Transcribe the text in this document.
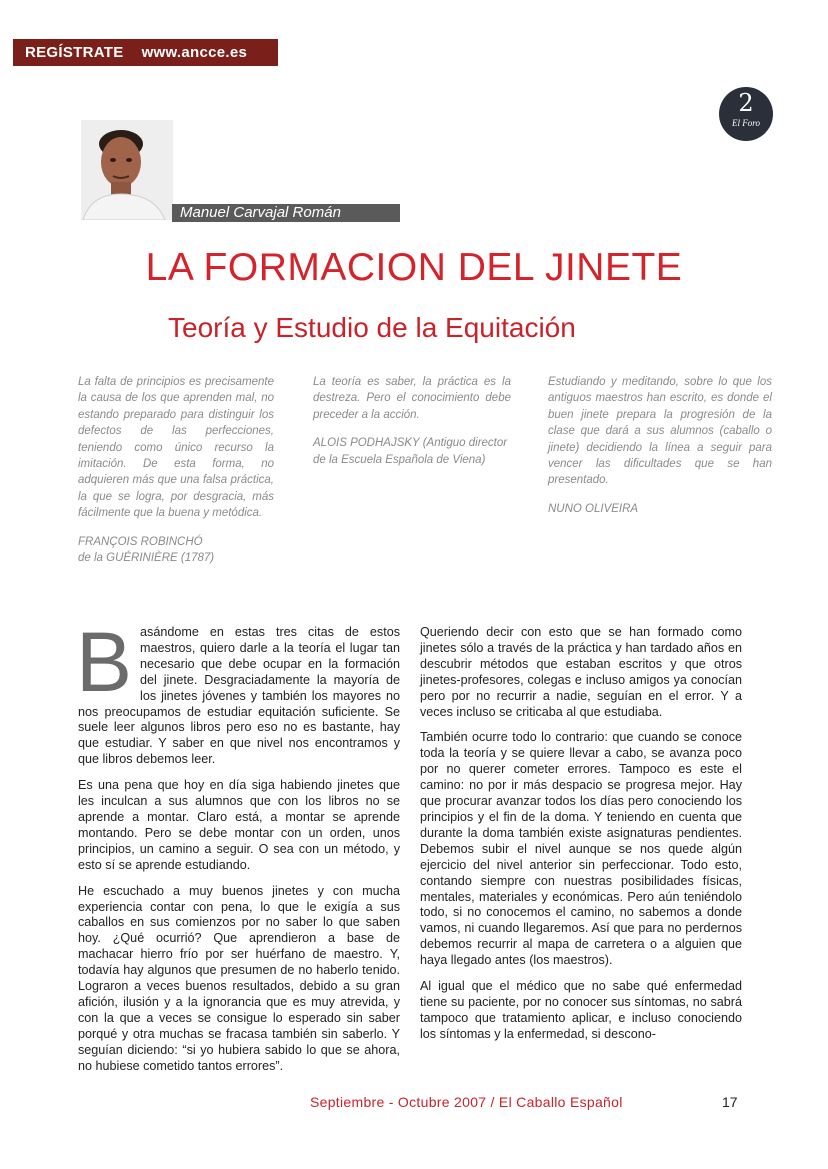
REGÍSTRATE www.ancce.es
2
El Foro
Manuel Carvajal Román
LA FORMACION DEL JINETE
Teoría y Estudio de la Equitación
La falta de principios es precisamente la causa de los que aprenden mal, no estando preparado para distinguir los defectos de las perfecciones, teniendo como único recurso la imitación. De esta forma, no adquieren más que una falsa práctica, la que se logra, por desgracia, más fácilmente que la buena y metódica.
FRANÇOIS ROBINCHÓ de la GUÉRINIÈRE (1787)
La teoría es saber, la práctica es la destreza. Pero el conocimiento debe preceder a la acción.
ALOIS PODHAJSKY (Antiguo director de la Escuela Española de Viena)
Estudiando y meditando, sobre lo que los antiguos maestros han escrito, es donde el buen jinete prepara la progresión de la clase que dará a sus alumnos (caballo o jinete) decidiendo la línea a seguir para vencer las dificultades que se han presentado.
NUNO OLIVEIRA

Basándome en estas tres citas de estos maestros, quiero darle a la teoría el lugar tan necesario que debe ocupar en la formación del jinete. Desgraciadamente la mayoría de los jinetes jóvenes y también los mayores no nos preocupamos de estudiar equitación suficiente. Se suele leer algunos libros pero eso no es bastante, hay que estudiar. Y saber en que nivel nos encontramos y que libros debemos leer.

Es una pena que hoy en día siga habiendo jinetes que les inculcan a sus alumnos que con los libros no se aprende a montar. Claro está, a montar se aprende montando. Pero se debe montar con un orden, unos principios, un camino a seguir. O sea con un método, y esto sí se aprende estudiando.

He escuchado a muy buenos jinetes y con mucha experiencia contar con pena, lo que le exigía a sus caballos en sus comienzos por no saber lo que saben hoy. ¿Qué ocurrió? Que aprendieron a base de machacar hierro frío por ser huérfano de maestro. Y, todavía hay algunos que presumen de no haberlo tenido. Lograron a veces buenos resultados, debido a su gran afición, ilusión y a la ignorancia que es muy atrevida, y con la que a veces se consigue lo esperado sin saber porqué y otra muchas se fracasa también sin saberlo. Y seguían diciendo: “si yo hubiera sabido lo que se ahora, no hubiese cometido tantos errores”.

Queriendo decir con esto que se han formado como jinetes sólo a través de la práctica y han tardado años en descubrir métodos que estaban escritos y que otros jinetes-profesores, colegas e incluso amigos ya conocían pero por no recurrir a nadie, seguían en el error. Y a veces incluso se criticaba al que estudiaba.

También ocurre todo lo contrario: que cuando se conoce toda la teoría y se quiere llevar a cabo, se avanza poco por no querer cometer errores. Tampoco es este el camino: no por ir más despacio se progresa mejor. Hay que procurar avanzar todos los días pero conociendo los principios y el fin de la doma. Y teniendo en cuenta que durante la doma también existe asignaturas pendientes. Debemos subir el nivel aunque se nos quede algún ejercicio del nivel anterior sin perfeccionar. Todo esto, contando siempre con nuestras posibilidades físicas, mentales, materiales y económicas. Pero aún teniéndolo todo, si no conocemos el camino, no sabemos a donde vamos, ni cuando llegaremos. Así que para no perdernos debemos recurrir al mapa de carretera o a alguien que haya llegado antes (los maestros).

Al igual que el médico que no sabe qué enfermedad tiene su paciente, por no conocer sus síntomas, no sabrá tampoco que tratamiento aplicar, e incluso conociendo los síntomas y la enfermedad, si descono-

Septiembre - Octubre 2007 / El Caballo Español	17
